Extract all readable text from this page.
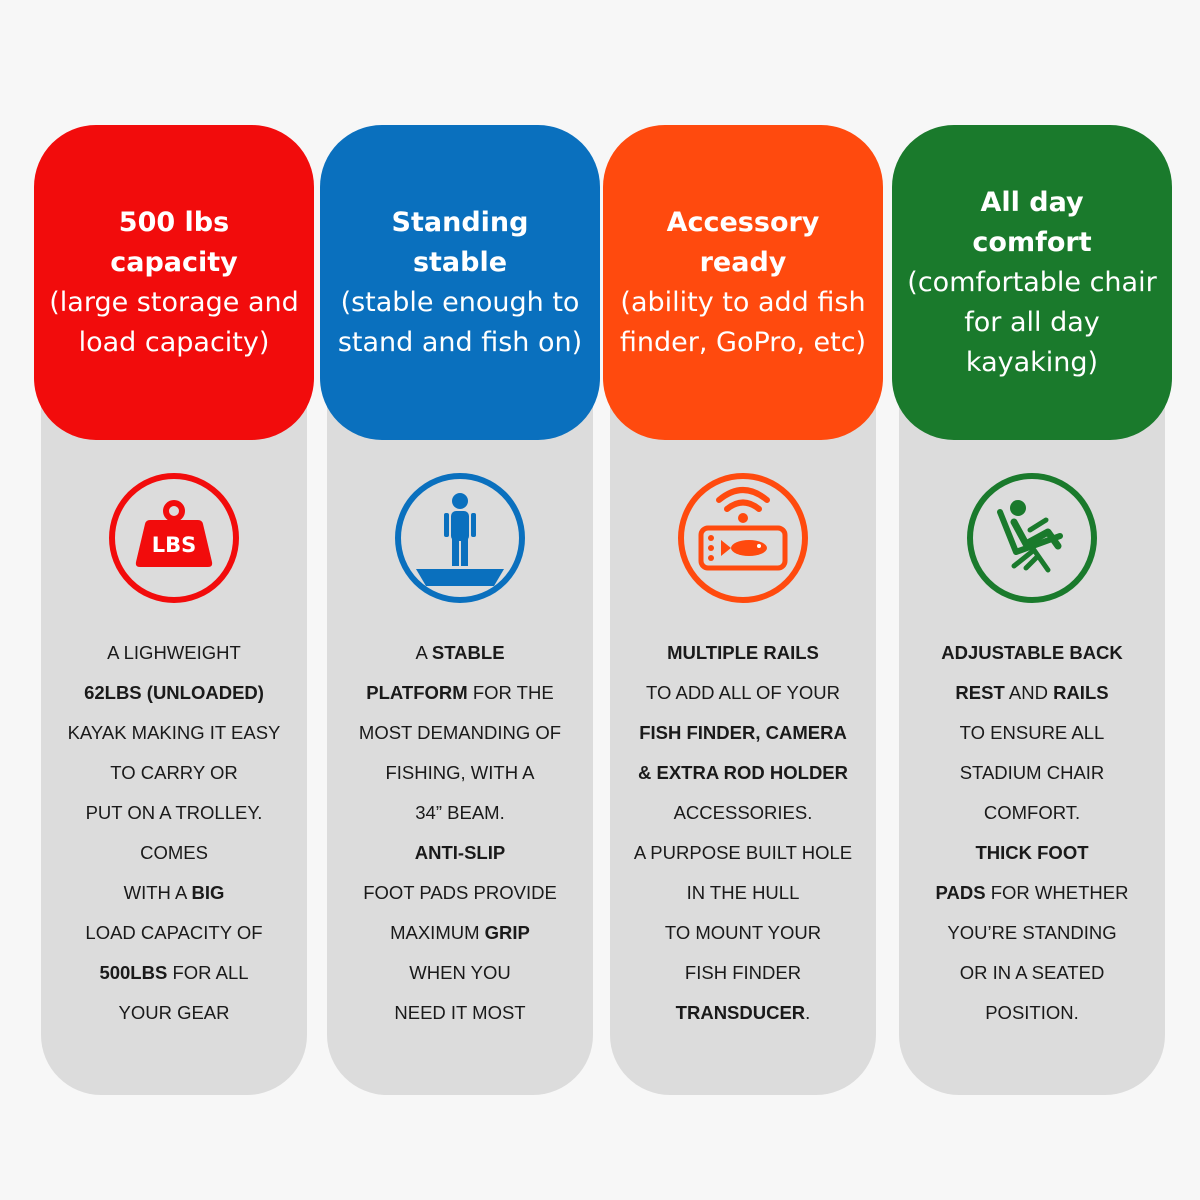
500 lbs capacity
(large storage and load capacity)
LBS
A LIGHWEIGHT
62LBS (UNLOADED)
KAYAK MAKING IT EASY
TO CARRY OR
PUT ON A TROLLEY.
COMES
WITH A BIG
LOAD CAPACITY OF
500LBS FOR ALL
YOUR GEAR
Standing stable
(stable enough to stand and fish on)
A STABLE
PLATFORM FOR THE
MOST DEMANDING OF
FISHING, WITH A
34” BEAM.
ANTI-SLIP
FOOT PADS PROVIDE
MAXIMUM GRIP
WHEN YOU
NEED IT MOST
Accessory ready
(ability to add fish finder, GoPro, etc)
MULTIPLE RAILS
TO ADD ALL OF YOUR
FISH FINDER, CAMERA
& EXTRA ROD HOLDER
ACCESSORIES.
A PURPOSE BUILT HOLE
IN THE HULL
TO MOUNT YOUR
FISH FINDER
TRANSDUCER.
All day comfort
(comfortable chair for all day kayaking)
ADJUSTABLE BACK
REST AND RAILS
TO ENSURE ALL
STADIUM CHAIR
COMFORT.
THICK FOOT
PADS FOR WHETHER
YOU’RE STANDING
OR IN A SEATED
POSITION.
